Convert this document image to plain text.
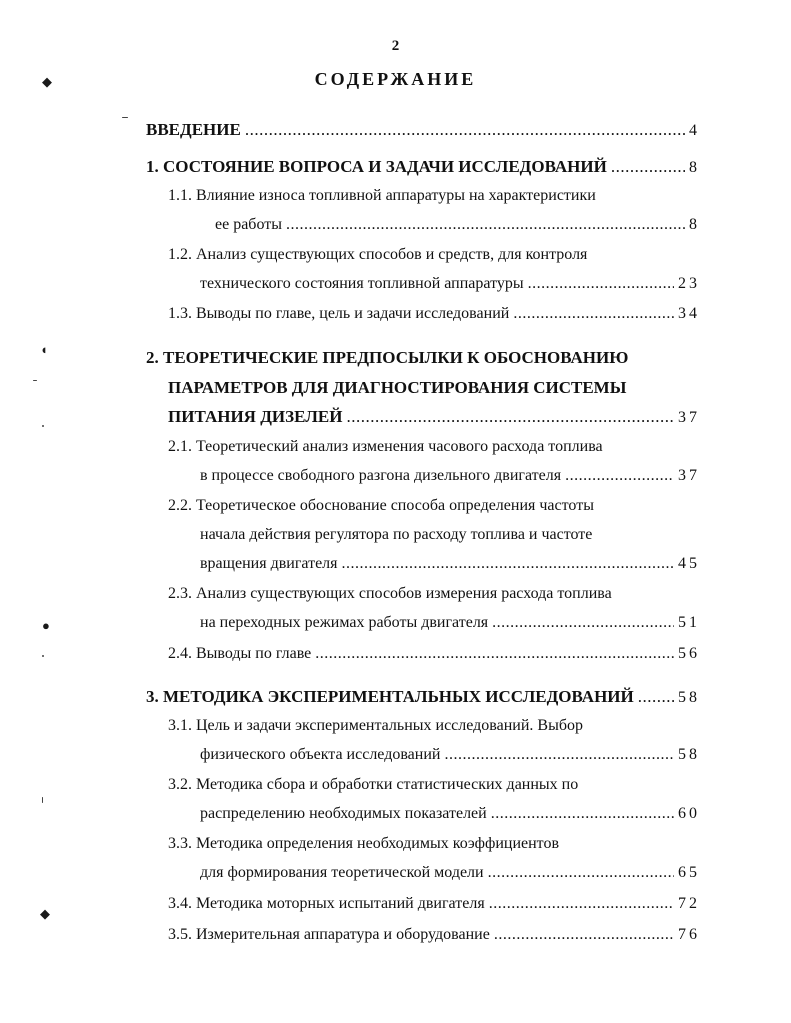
2
СОДЕРЖАНИЕ
ВВЕДЕНИЕ .....	4
1. СОСТОЯНИЕ ВОПРОСА И ЗАДАЧИ ИССЛЕДОВАНИЙ .....	8
1.1. Влияние износа топливной аппаратуры на характеристики
ее работы .....	8
1.2. Анализ существующих способов и средств, для контроля
технического состояния топливной аппаратуры .....	23
1.3. Выводы по главе, цель и задачи исследований .....	34
2. ТЕОРЕТИЧЕСКИЕ ПРЕДПОСЫЛКИ К ОБОСНОВАНИЮ
ПАРАМЕТРОВ ДЛЯ ДИАГНОСТИРОВАНИЯ СИСТЕМЫ
ПИТАНИЯ ДИЗЕЛЕЙ .....	37
2.1. Теоретический анализ изменения часового расхода топлива
в процессе свободного разгона дизельного двигателя .....	37
2.2. Теоретическое обоснование способа определения частоты
начала действия регулятора по расходу топлива и частоте
вращения двигателя .....	45
2.3. Анализ существующих способов измерения расхода топлива
на переходных режимах работы двигателя .....	51
2.4. Выводы по главе .....	56
3. МЕТОДИКА ЭКСПЕРИМЕНТАЛЬНЫХ ИССЛЕДОВАНИЙ .....	58
3.1. Цель и задачи экспериментальных исследований. Выбор
физического объекта исследований .....	58
3.2. Методика сбора и обработки статистических данных по
распределению необходимых показателей .....	60
3.3. Методика определения необходимых коэффициентов
для формирования теоретической модели .....	65
3.4. Методика моторных испытаний двигателя .....	72
3.5. Измерительная аппаратура и оборудование .....	76
◆
◖
●
◆
